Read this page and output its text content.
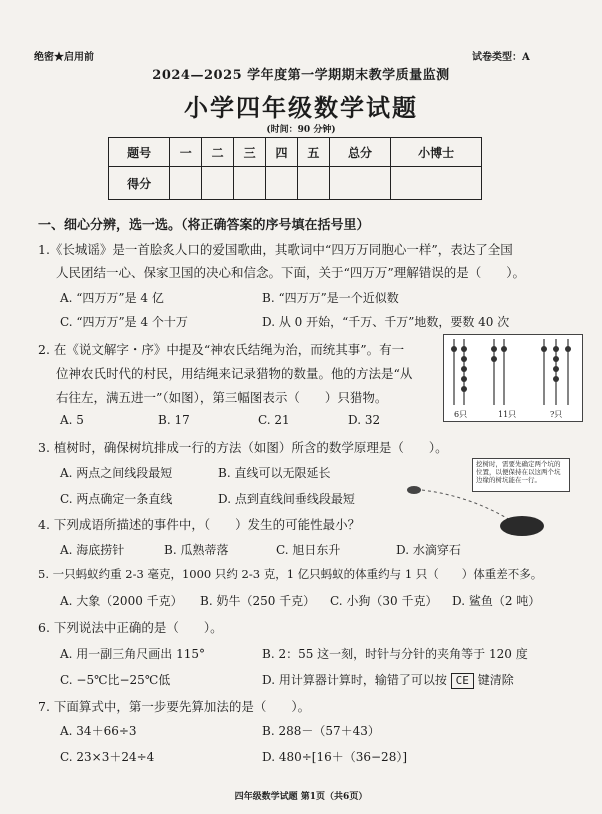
绝密★启用前	试卷类型：A
2024—2025 学年度第一学期期末教学质量监测
小学四年级数学试题
(时间：90 分钟)
题号	一	二	三	四	五	总分	小博士
得分							
一、细心分辨，选一选。（将正确答案的序号填在括号里）
1.《长城谣》是一首脍炙人口的爱国歌曲，其歌词中“四万万同胞心一样”，表达了全国
人民团结一心、保家卫国的决心和信念。下面，关于“四万万”理解错误的是（　　）。
A. “四万万”是 4 亿	B. “四万万”是一个近似数
C. “四万万”是 4 个十万	D. 从 0 开始，“千万、千万”地数，要数 40 次
2. 在《说文解字・序》中提及“神农氏结绳为治，而统其事”。有一
位神农氏时代的村民，用结绳来记录猎物的数量。他的方法是“从
右往左，满五进一”（如图），第三幅图表示（　　）只猎物。
A. 5	B. 17	C. 21	D. 32	6只	11只	?只
3. 植树时，确保树坑排成一行的方法（如图）所含的数学原理是（　　）。
A. 两点之间线段最短	B. 直线可以无限延长
C. 两点确定一条直线	D. 点到直线间垂线段最短
挖树时，需要先确定两个坑的位置，以便保持在以这两个坑边缘的树坑能在一行。
4. 下列成语所描述的事件中，（　　）发生的可能性最小？
A. 海底捞针	B. 瓜熟蒂落	C. 旭日东升	D. 水滴穿石
5. 一只蚂蚁约重 2-3 毫克，1000 只约 2-3 克，1 亿只蚂蚁的体重约与 1 只（　　）体重差不多。
A. 大象（2000 千克） B. 奶牛（250 千克） C. 小狗（30 千克） D. 鲨鱼（2 吨）
6. 下列说法中正确的是（　　）。
A. 用一副三角尺画出 115°	B. 2：55 这一刻，时针与分针的夹角等于 120 度
C. −5℃比−25℃低	D. 用计算器计算时，输错了可以按 CE 键清除
7. 下面算式中，第一步要先算加法的是（　　）。
A. 34＋66÷3	B. 288－（57＋43）
C. 23×3＋24÷4	D. 480÷[16＋（36−28）]
四年级数学试题 第1页（共6页）
